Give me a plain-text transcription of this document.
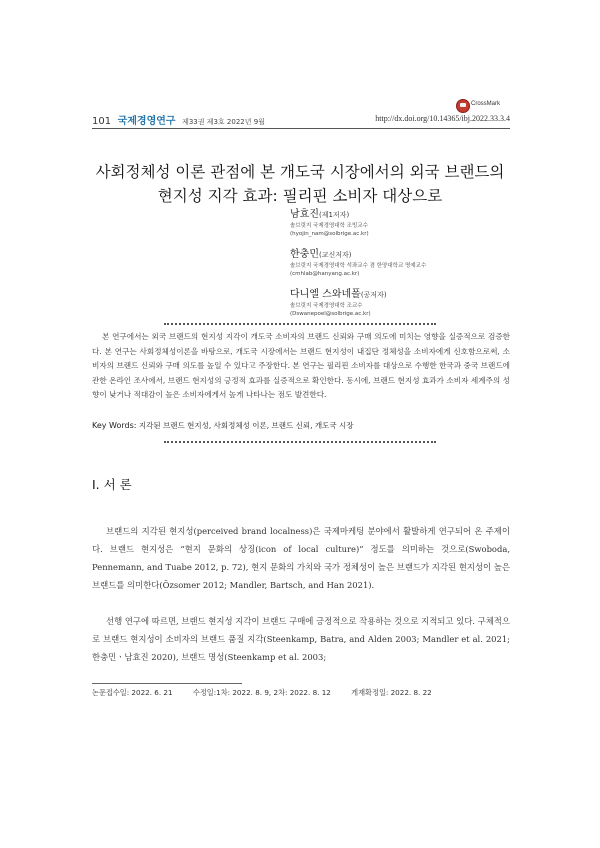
CrossMark
101 국제경영연구 제33권 제3호 2022년 9월	http://dx.doi.org/10.14365/ibj.2022.33.3.4
사회정체성 이론 관점에 본 개도국 시장에서의 외국 브랜드의
현지성 지각 효과: 필리핀 소비자 대상으로
남효진(제1저자)
솔브릿지 국제경영대학 조빙교수
(hyojin_nam@solbrige.ac.kr)
한충민(교신저자)
솔브릿지 국제경영대학 석좌교수 겸 한양대학교 명예교수
(cmhlab@hanyang.ac.kr)
다니엘 스와네폴(공저자)
솔브릿지 국제경영대학 조교수
(Dswanepoel@solbrige.ac.kr)
본 연구에서는 외국 브랜드의 현지성 지각이 개도국 소비자의 브랜드 신뢰와 구매 의도에 미치는 영향을 실증적으로 검증한다. 본 연구는 사회정체성이론을 바탕으로, 개도국 시장에서는 브랜드 현지성이 내집단 정체성을 소비자에게 신호함으로써, 소비자의 브랜드 신뢰와 구매 의도를 높일 수 있다고 주장한다. 본 연구는 필리핀 소비자를 대상으로 수행한 한국과 중국 브랜드에 관한 온라인 조사에서, 브랜드 현지성의 긍정적 효과를 실증적으로 확인한다. 동시에, 브랜드 현지성 효과가 소비자 세계주의 성향이 낮거나 적대감이 높은 소비자에게서 높게 나타나는 점도 발견한다.
Key Words: 지각된 브랜드 현지성, 사회정체성 이론, 브랜드 신뢰, 개도국 시장
Ⅰ. 서 론
브랜드의 지각된 현지성(perceived brand localness)은 국제마케팅 분야에서 활발하게 연구되어 온 주제이다. 브랜드 현지성은 “현지 문화의 상징(icon of local culture)” 정도를 의미하는 것으로(Swoboda, Pennemann, and Tuabe 2012, p. 72), 현지 문화의 가치와 국가 정체성이 높은 브랜드가 지각된 현지성이 높은 브랜드를 의미한다(Özsomer 2012; Mandler, Bartsch, and Han 2021).
선행 연구에 따르면, 브랜드 현지성 지각이 브랜드 구매에 긍정적으로 작용하는 것으로 지적되고 있다. 구체적으로 브랜드 현지성이 소비자의 브랜드 품질 지각(Steenkamp, Batra, and Alden 2003; Mandler et al. 2021; 한충민ㆍ남효진 2020), 브랜드 명성(Steenkamp et al. 2003;
논문접수일: 2022. 6. 21	수정일:1차: 2022. 8. 9, 2차: 2022. 8. 12	게재확정일: 2022. 8. 22
